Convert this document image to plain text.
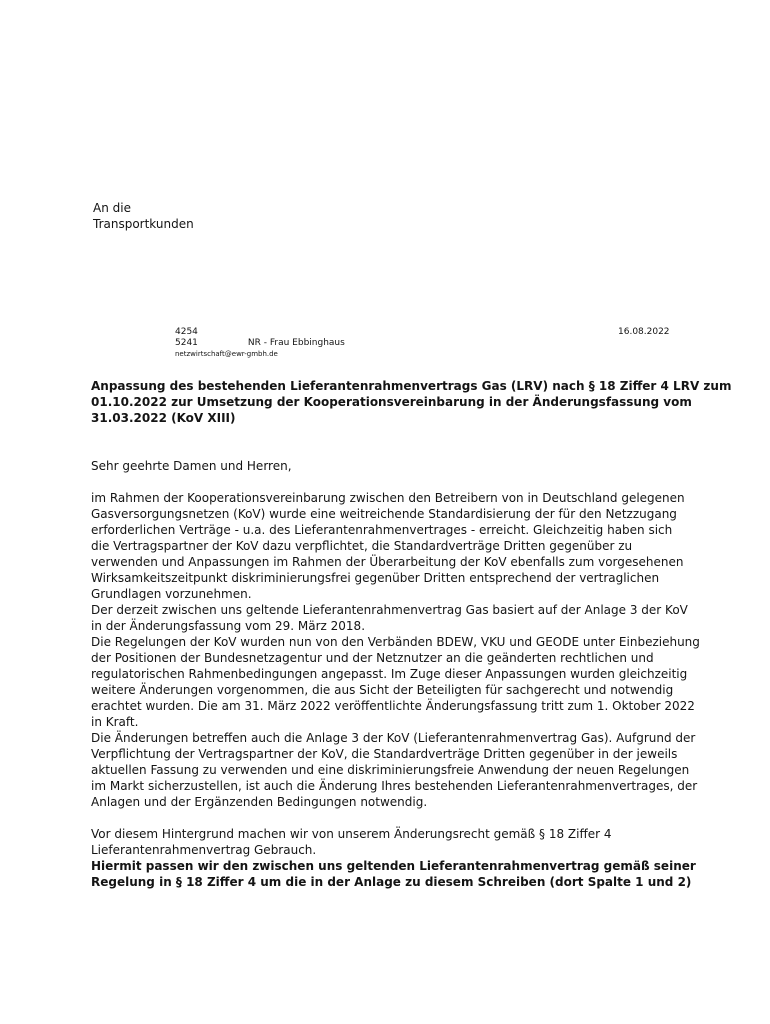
An die
Transportkunden
4254
5241	NR - Frau Ebbinghaus
netzwirtschaft@ewr-gmbh.de
16.08.2022
Anpassung des bestehenden Lieferantenrahmenvertrags Gas (LRV) nach § 18 Ziffer 4 LRV zum
01.10.2022 zur Umsetzung der Kooperationsvereinbarung in der Änderungsfassung vom
31.03.2022 (KoV XIII)
Sehr geehrte Damen und Herren,
im Rahmen der Kooperationsvereinbarung zwischen den Betreibern von in Deutschland gelegenen
Gasversorgungsnetzen (KoV) wurde eine weitreichende Standardisierung der für den Netzzugang
erforderlichen Verträge - u.a. des Lieferantenrahmenvertrages - erreicht. Gleichzeitig haben sich
die Vertragspartner der KoV dazu verpflichtet, die Standardverträge Dritten gegenüber zu
verwenden und Anpassungen im Rahmen der Überarbeitung der KoV ebenfalls zum vorgesehenen
Wirksamkeitszeitpunkt diskriminierungsfrei gegenüber Dritten entsprechend der vertraglichen
Grundlagen vorzunehmen.
Der derzeit zwischen uns geltende Lieferantenrahmenvertrag Gas basiert auf der Anlage 3 der KoV
in der Änderungsfassung vom 29. März 2018.
Die Regelungen der KoV wurden nun von den Verbänden BDEW, VKU und GEODE unter Einbeziehung
der Positionen der Bundesnetzagentur und der Netznutzer an die geänderten rechtlichen und
regulatorischen Rahmenbedingungen angepasst. Im Zuge dieser Anpassungen wurden gleichzeitig
weitere Änderungen vorgenommen, die aus Sicht der Beteiligten für sachgerecht und notwendig
erachtet wurden. Die am 31. März 2022 veröffentlichte Änderungsfassung tritt zum 1. Oktober 2022
in Kraft.
Die Änderungen betreffen auch die Anlage 3 der KoV (Lieferantenrahmenvertrag Gas). Aufgrund der
Verpflichtung der Vertragspartner der KoV, die Standardverträge Dritten gegenüber in der jeweils
aktuellen Fassung zu verwenden und eine diskriminierungsfreie Anwendung der neuen Regelungen
im Markt sicherzustellen, ist auch die Änderung Ihres bestehenden Lieferantenrahmenvertrages, der
Anlagen und der Ergänzenden Bedingungen notwendig.
Vor diesem Hintergrund machen wir von unserem Änderungsrecht gemäß § 18 Ziffer 4
Lieferantenrahmenvertrag Gebrauch.
Hiermit passen wir den zwischen uns geltenden Lieferantenrahmenvertrag gemäß seiner
Regelung in § 18 Ziffer 4 um die in der Anlage zu diesem Schreiben (dort Spalte 1 und 2)
